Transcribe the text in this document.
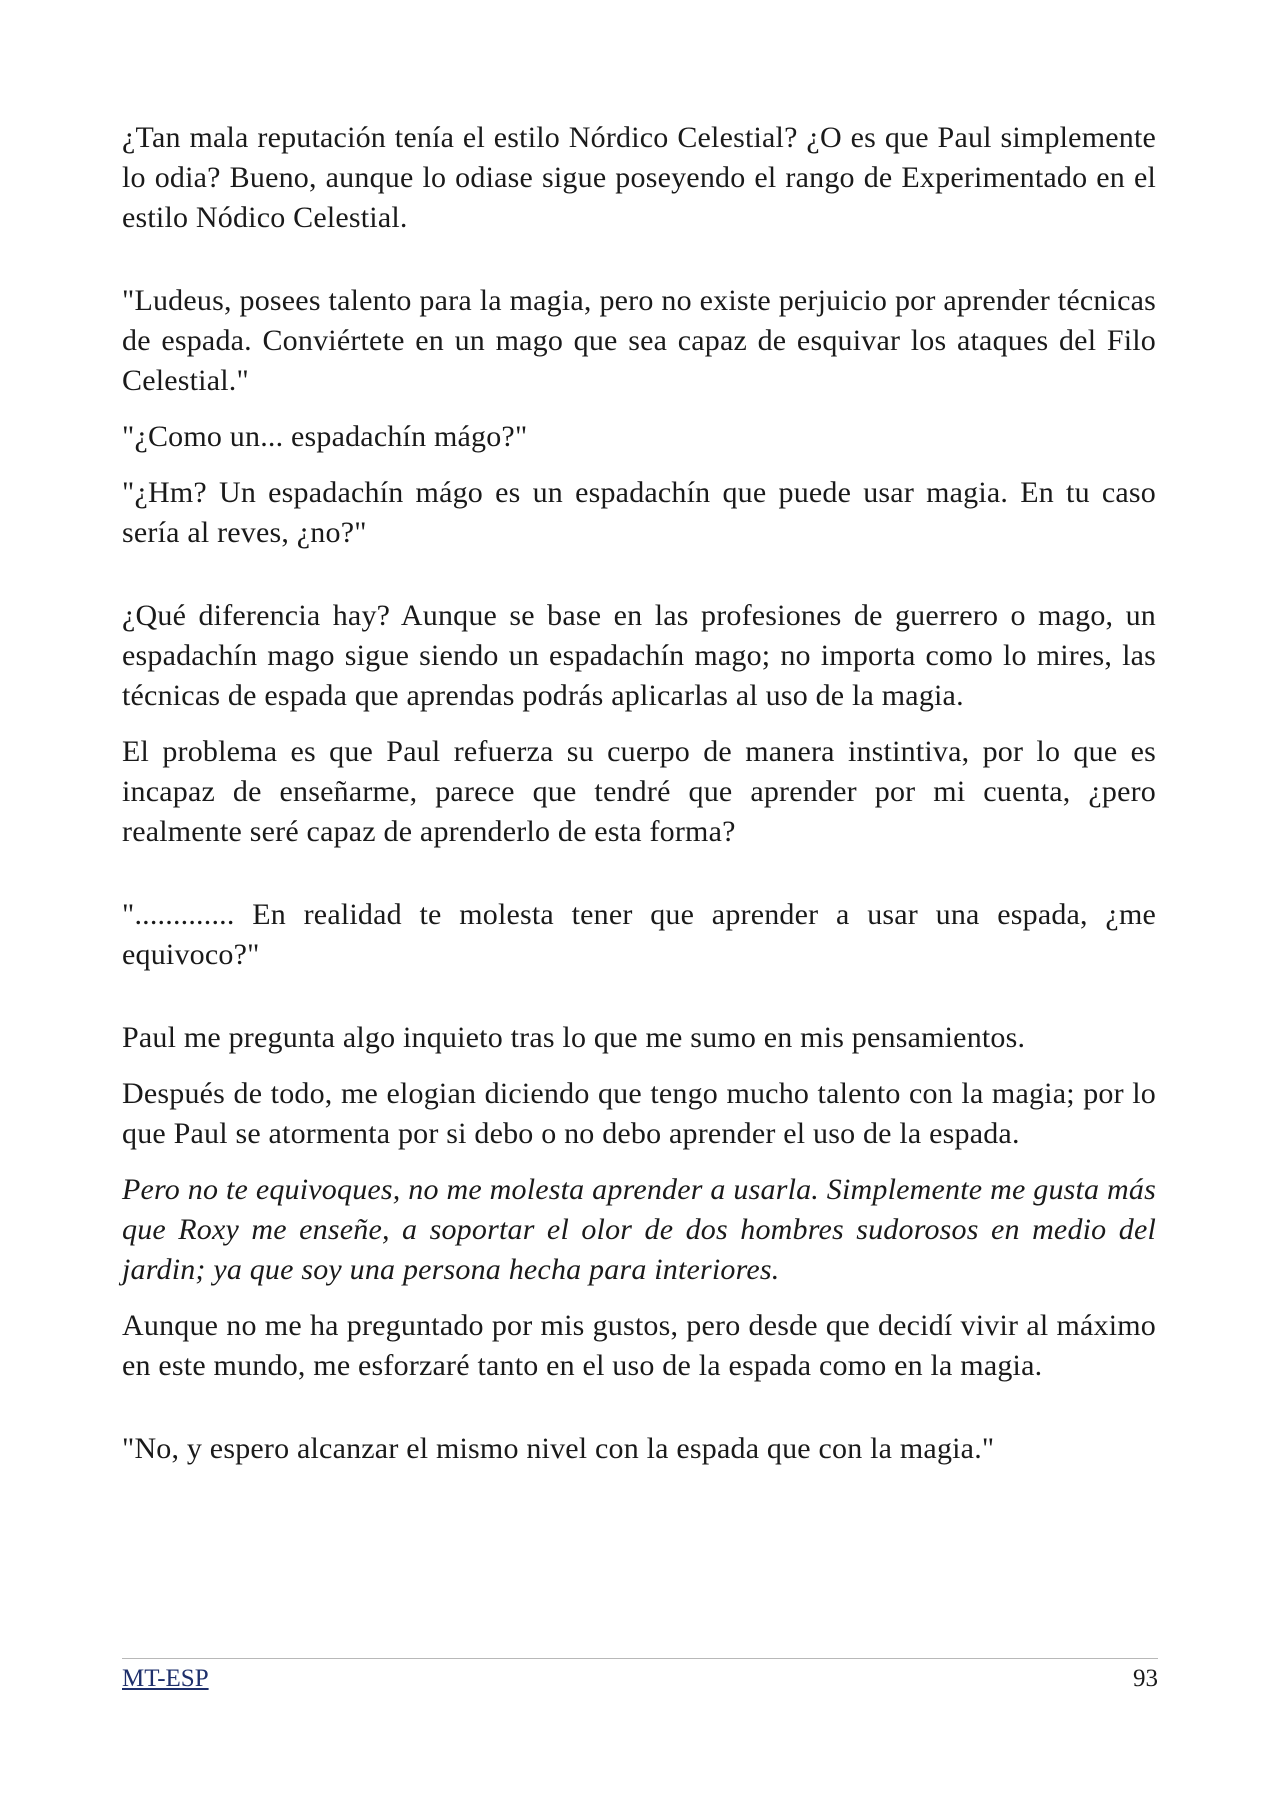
¿Tan mala reputación tenía el estilo Nórdico Celestial? ¿O es que Paul simplemente lo odia? Bueno, aunque lo odiase sigue poseyendo el rango de Experimentado en el estilo Nódico Celestial.

"Ludeus, posees talento para la magia, pero no existe perjuicio por aprender técnicas de espada. Conviértete en un mago que sea capaz de esquivar los ataques del Filo Celestial."

"¿Como un... espadachín mágo?"

"¿Hm? Un espadachín mágo es un espadachín que puede usar magia. En tu caso sería al reves, ¿no?"

¿Qué diferencia hay? Aunque se base en las profesiones de guerrero o mago, un espadachín mago sigue siendo un espadachín mago; no importa como lo mires, las técnicas de espada que aprendas podrás aplicarlas al uso de la magia.

El problema es que Paul refuerza su cuerpo de manera instintiva, por lo que es incapaz de enseñarme, parece que tendré que aprender por mi cuenta, ¿pero realmente seré capaz de aprenderlo de esta forma?

"............. En realidad te molesta tener que aprender a usar una espada, ¿me equivoco?"

Paul me pregunta algo inquieto tras lo que me sumo en mis pensamientos.

Después de todo, me elogian diciendo que tengo mucho talento con la magia; por lo que Paul se atormenta por si debo o no debo aprender el uso de la espada.

Pero no te equivoques, no me molesta aprender a usarla. Simplemente me gusta más que Roxy me enseñe, a soportar el olor de dos hombres sudorosos en medio del jardin; ya que soy una persona hecha para interiores.

Aunque no me ha preguntado por mis gustos, pero desde que decidí vivir al máximo en este mundo, me esforzaré tanto en el uso de la espada como en la magia.

"No, y espero alcanzar el mismo nivel con la espada que con la magia."

MT-ESP	93
